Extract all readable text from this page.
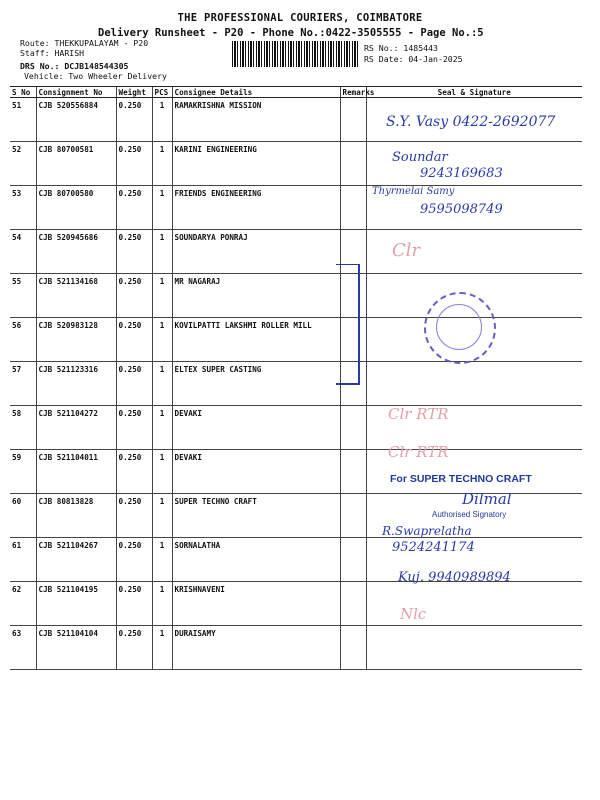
THE PROFESSIONAL COURIERS, COIMBATORE
Delivery Runsheet - P20 - Phone No.:0422-3505555 - Page No.:5
Route: THEKKUPALAYAM - P20
Staff: HARISH
DRS No.: DCJB148544305
Vehicle: Two Wheeler Delivery
RS No.: 1485443
RS Date: 04-Jan-2025
S No	Consignment No	Weight	PCS	Consignee Details	Remarks	Seal & Signature
51	CJB 520556884	0.250	1	RAMAKRISHNA MISSION		
52	CJB 80700581	0.250	1	KARINI ENGINEERING		
53	CJB 80700580	0.250	1	FRIENDS ENGINEERING		
54	CJB 520945686	0.250	1	SOUNDARYA PONRAJ		
55	CJB 521134168	0.250	1	MR NAGARAJ		
56	CJB 520983128	0.250	1	KOVILPATTI LAKSHMI ROLLER MILL		
57	CJB 521123316	0.250	1	ELTEX SUPER CASTING		
58	CJB 521104272	0.250	1	DEVAKI		
59	CJB 521104011	0.250	1	DEVAKI		
60	CJB 80813828	0.250	1	SUPER TECHNO CRAFT		
61	CJB 521104267	0.250	1	SORNALATHA		
62	CJB 521104195	0.250	1	KRISHNAVENI		
63	CJB 521104104	0.250	1	DURAISAMY		
S.Y. Vasy 0422-2692077
Soundar
9243169683
Thyrmelai Samy
9595098749
Clr
Clr RTR
Clr RTR
For SUPER TECHNO CRAFT
Dilmal
Authorised Signatory
R.Swaprelatha
9524241174
Kuj. 9940989894
Nlc
